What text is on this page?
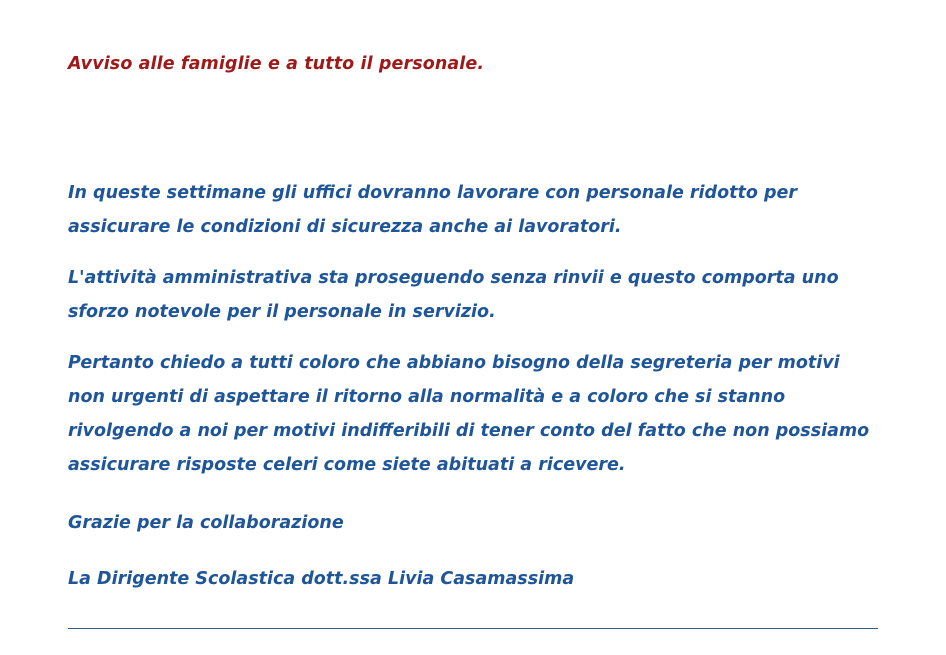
Avviso alle famiglie e a tutto il personale.

In queste settimane gli uffici dovranno lavorare con personale ridotto per assicurare le condizioni di sicurezza anche ai lavoratori.

L'attività amministrativa sta proseguendo senza rinvii e questo comporta uno sforzo notevole per il personale in servizio.

Pertanto chiedo a tutti coloro che abbiano bisogno della segreteria per motivi non urgenti di aspettare il ritorno alla normalità e a coloro che si stanno rivolgendo a noi per motivi indifferibili di tener conto del fatto che non possiamo assicurare risposte celeri come siete abituati a ricevere.

Grazie per la collaborazione

La Dirigente Scolastica dott.ssa Livia Casamassima
